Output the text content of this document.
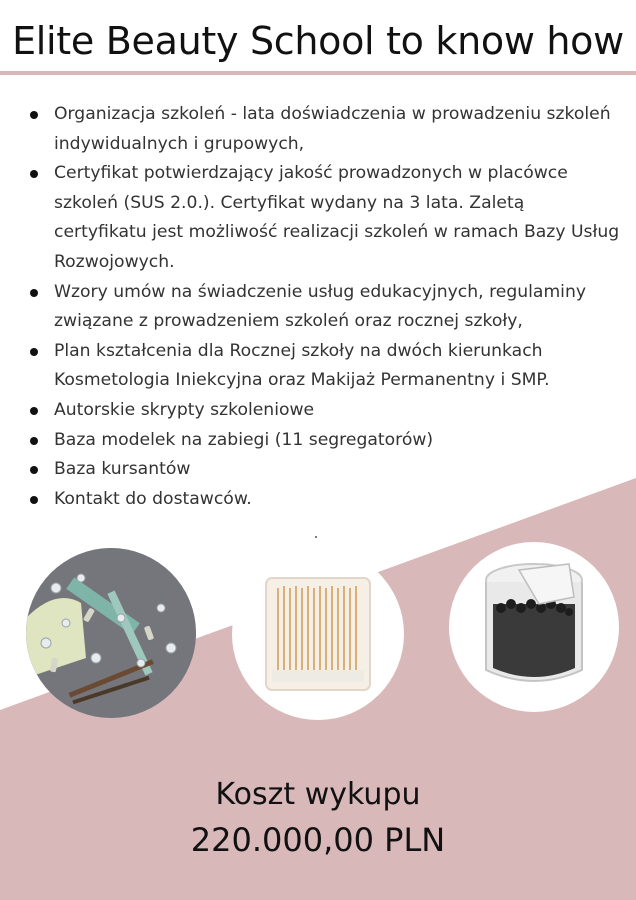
Elite Beauty School to know how
Organizacja szkoleń - lata doświadczenia w prowadzeniu szkoleń indywidualnych i grupowych,
Certyfikat potwierdzający jakość prowadzonych w placówce szkoleń (SUS 2.0.). Certyfikat wydany na 3 lata. Zaletą certyfikatu jest możliwość realizacji szkoleń w ramach Bazy Usług Rozwojowych.
Wzory umów na świadczenie usług edukacyjnych, regulaminy związane z prowadzeniem szkoleń oraz rocznej szkoły,
Plan kształcenia dla Rocznej szkoły na dwóch kierunkach Kosmetologia Iniekcyjna oraz Makijaż Permanentny i SMP.
Autorskie skrypty szkoleniowe
Baza modelek na zabiegi (11 segregatorów)
Baza kursantów
Kontakt do dostawców.
Koszt wykupu
220.000,00 PLN
